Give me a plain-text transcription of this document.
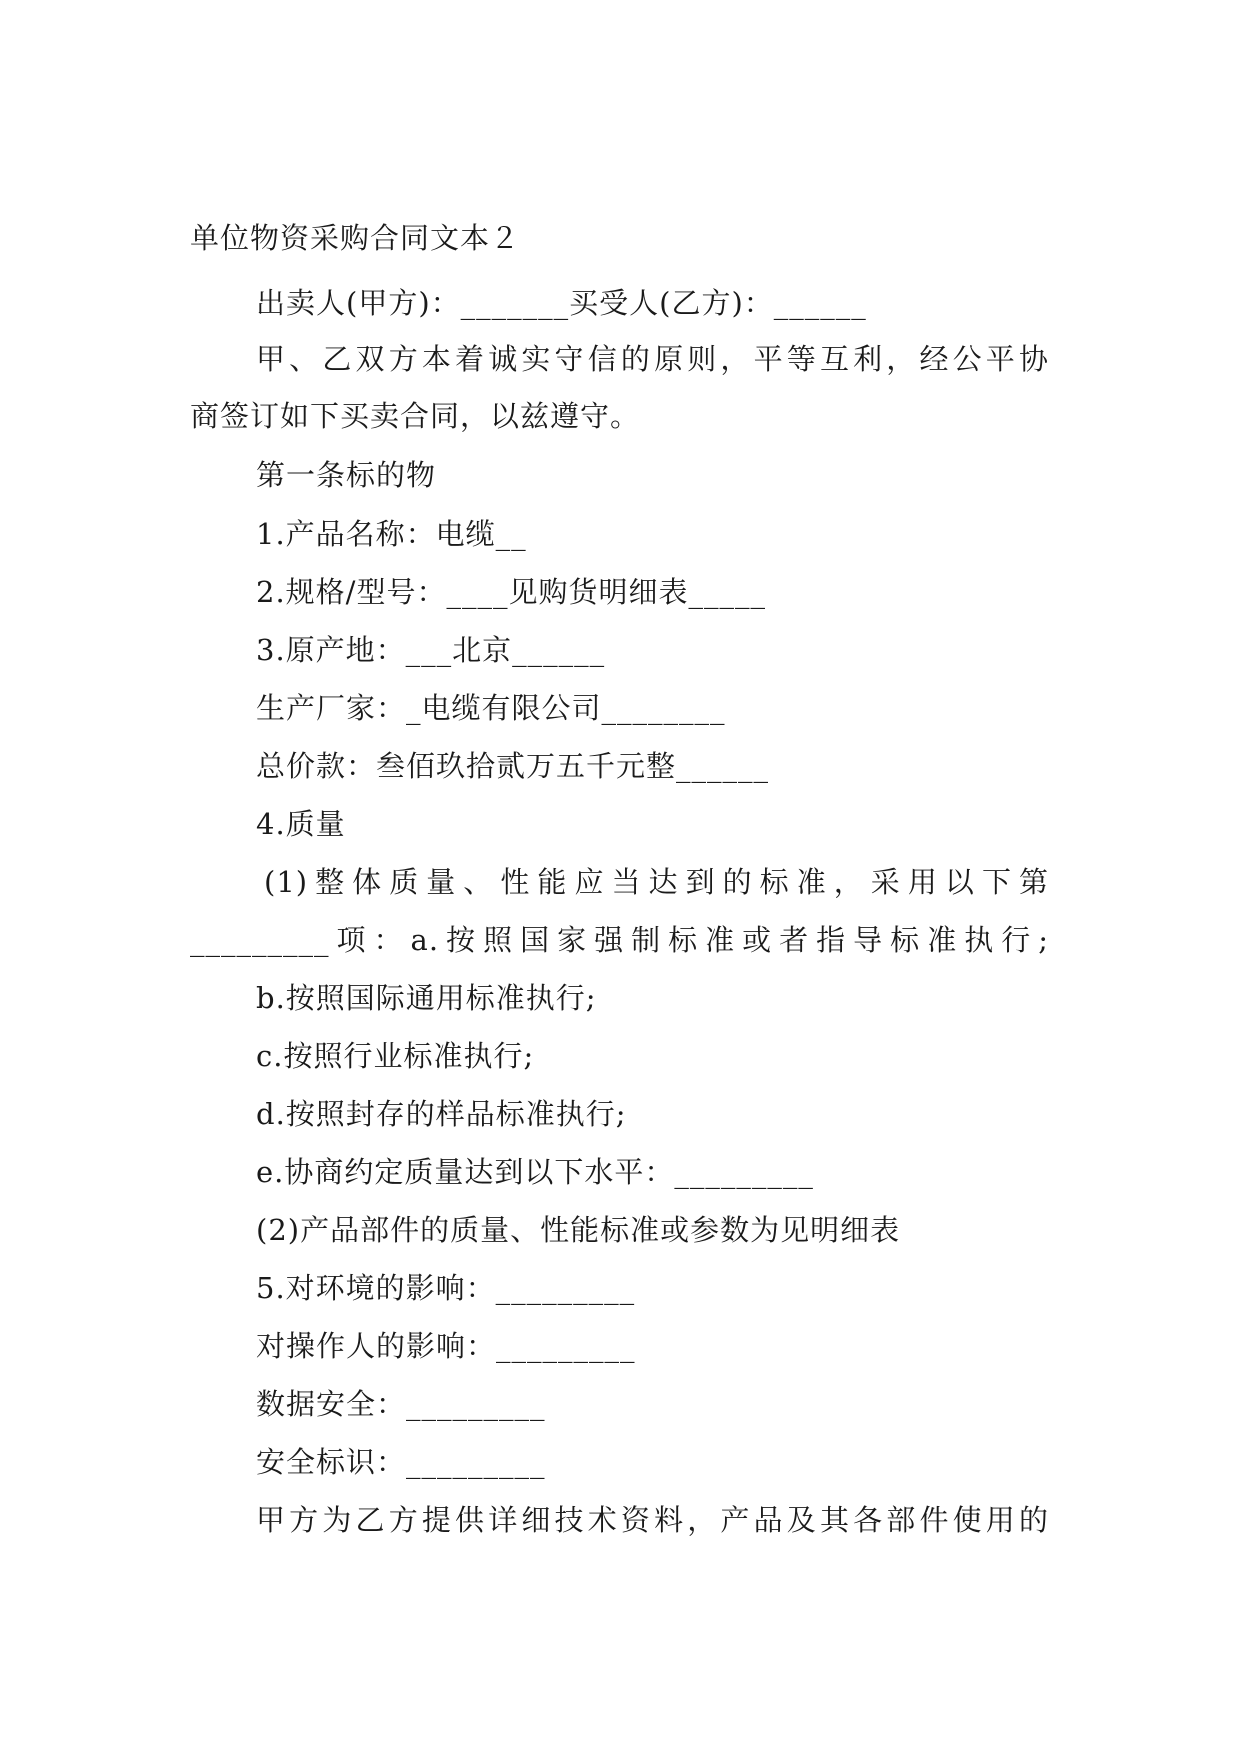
单位物资采购合同文本２
出卖人(甲方)：_______买受人(乙方)：______
甲、乙双方本着诚实守信的原则，平等互利，经公平协
商签订如下买卖合同，以兹遵守。
第一条标的物
1.产品名称：电缆__
2.规格/型号：____见购货明细表_____
3.原产地：___北京______
生产厂家：_电缆有限公司________
总价款：叁佰玖拾贰万五千元整______
4.质量
(1)整体质量、性能应当达到的标准，采用以下第
_________项：a.按照国家强制标准或者指导标准执行;
b.按照国际通用标准执行;
c.按照行业标准执行;
d.按照封存的样品标准执行;
e.协商约定质量达到以下水平：_________
(2)产品部件的质量、性能标准或参数为见明细表
5.对环境的影响：_________
对操作人的影响：_________
数据安全：_________
安全标识：_________
甲方为乙方提供详细技术资料，产品及其各部件使用的
